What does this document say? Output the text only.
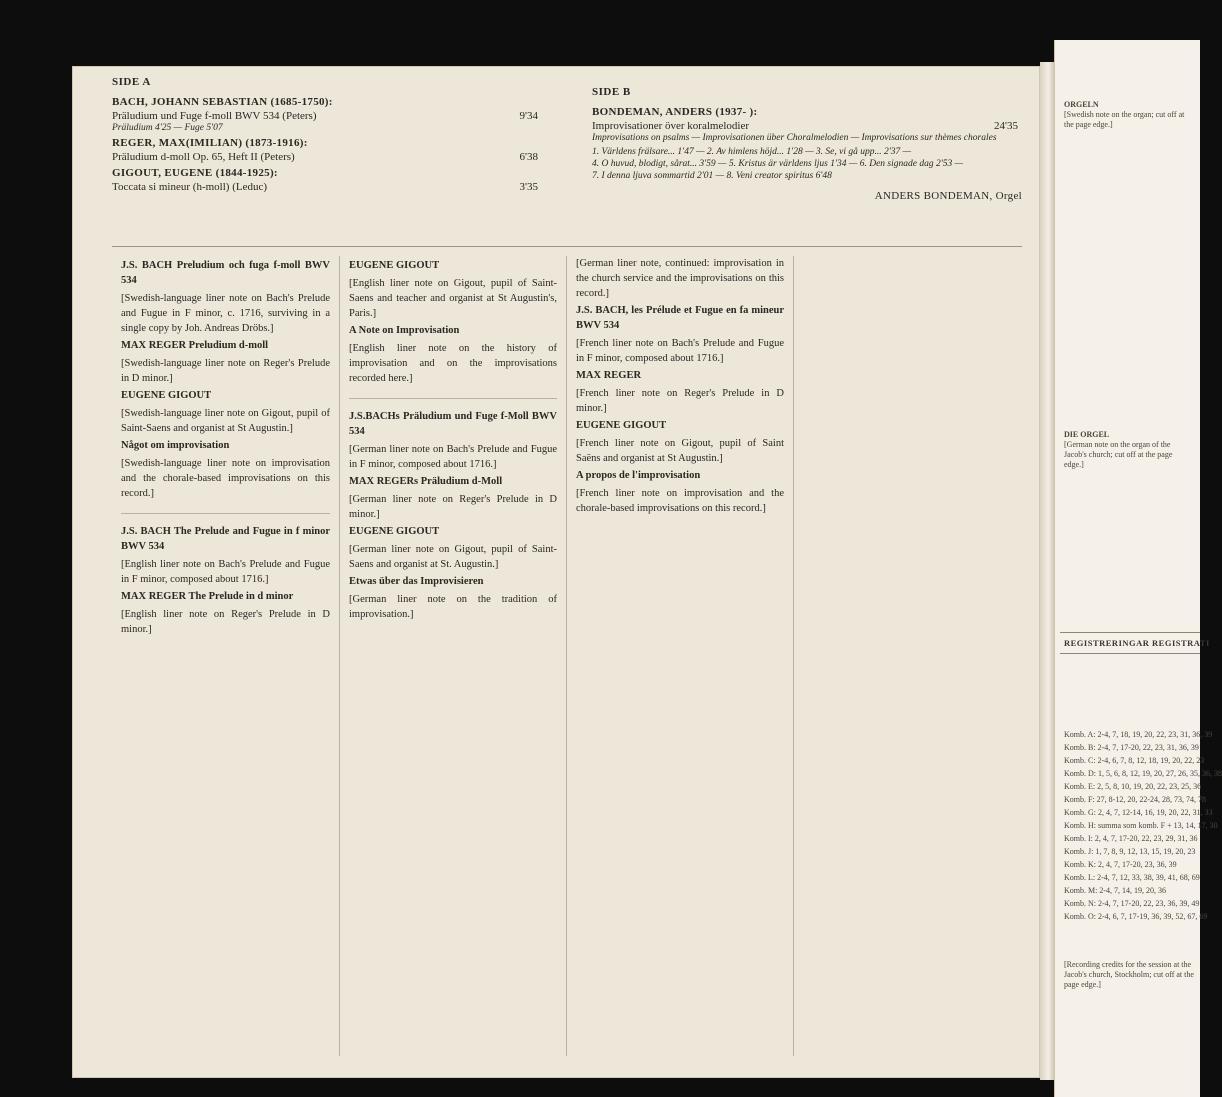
SIDE A
BACH, JOHANN SEBASTIAN (1685-1750):
Präludium und Fuge f-moll BWV 534 (Peters)	9'34
Präludium 4'25 — Fuge 5'07
REGER, MAX(IMILIAN) (1873-1916):
Präludium d-moll Op. 65, Heft II (Peters)	6'38
GIGOUT, EUGENE (1844-1925):
Toccata si mineur (h-moll) (Leduc)	3'35
SIDE B
BONDEMAN, ANDERS (1937- ):
Improvisationer över koralmelodier	24'35
Improvisations on psalms — Improvisationen über Choralmelodien — Improvisations sur thèmes chorales
1. Världens frälsare... 1'47 — 2. Av himlens höjd... 1'28 — 3. Se, vi gå upp... 2'37 —
4. O huvud, blodigt, sårat... 3'59 — 5. Kristus är världens ljus 1'34 — 6. Den signade dag 2'53 —
7. I denna ljuva sommartid 2'01 — 8. Veni creator spiritus 6'48
ANDERS BONDEMAN, Orgel
J.S. BACH Preludium och fuga f-moll BWV 534
[Swedish-language liner note on Bach's Prelude and Fugue in F minor, c. 1716, surviving in a single copy by Joh. Andreas Dröbs.]
MAX REGER Preludium d-moll
[Swedish-language liner note on Reger's Prelude in D minor.]
EUGENE GIGOUT
[Swedish-language liner note on Gigout, pupil of Saint-Saens and organist at St Augustin.]
Något om improvisation
[Swedish-language liner note on improvisation and the chorale-based improvisations on this record.]
J.S. BACH The Prelude and Fugue in f minor BWV 534
[English liner note on Bach's Prelude and Fugue in F minor, composed about 1716.]
MAX REGER The Prelude in d minor
[English liner note on Reger's Prelude in D minor.]
EUGENE GIGOUT
[English liner note on Gigout, pupil of Saint-Saens and teacher and organist at St Augustin's, Paris.]
A Note on Improvisation
[English liner note on the history of improvisation and on the improvisations recorded here.]
J.S.BACHs Präludium und Fuge f-Moll BWV 534
[German liner note on Bach's Prelude and Fugue in F minor, composed about 1716.]
MAX REGERs Präludium d-Moll
[German liner note on Reger's Prelude in D minor.]
EUGENE GIGOUT
[German liner note on Gigout, pupil of Saint-Saens and organist at St. Augustin.]
Etwas über das Improvisieren
[German liner note on the tradition of improvisation.]
[German liner note, continued: improvisation in the church service and the improvisations on this record.]
J.S. BACH, les Prélude et Fugue en fa mineur BWV 534
[French liner note on Bach's Prelude and Fugue in F minor, composed about 1716.]
MAX REGER
[French liner note on Reger's Prelude in D minor.]
EUGENE GIGOUT
[French liner note on Gigout, pupil of Saint Saëns and organist at St Augustin.]
A propos de l'improvisation
[French liner note on improvisation and the chorale-based improvisations on this record.]
ORGELN
[Swedish note on the organ; cut off at the page edge.]
DIE ORGEL
[German note on the organ of the Jacob's church; cut off at the page edge.]
REGISTRERINGAR REGISTRATI
Komb. A: 2-4, 7, 18, 19, 20, 22, 23, 31, 36, 39
Komb. B: 2-4, 7, 17-20, 22, 23, 31, 36, 39
Komb. C: 2-4, 6, 7, 8, 12, 18, 19, 20, 22, 23
Komb. D: 1, 5, 6, 8, 12, 19, 20, 27, 26, 35, 36, 38
Komb. E: 2, 5, 8, 10, 19, 20, 22, 23, 25, 36
Komb. F: 27, 8-12, 20, 22-24, 28, 73, 74, 78
Komb. G: 2, 4, 7, 12-14, 16, 19, 20, 22, 31, 33
Komb. H: summa som komb. F + 13, 14, 17, 30
Komb. I: 2, 4, 7, 17-20, 22, 23, 29, 31, 36
Komb. J: 1, 7, 8, 9, 12, 13, 15, 19, 20, 23
Komb. K: 2, 4, 7, 17-20, 23, 36, 39
Komb. L: 2-4, 7, 12, 33, 38, 39, 41, 68, 69
Komb. M: 2-4, 7, 14, 19, 20, 36
Komb. N: 2-4, 7, 17-20, 22, 23, 36, 39, 49
Komb. O: 2-4, 6, 7, 17-19, 36, 39, 52, 67, 69
[Recording credits for the session at the Jacob's church, Stockholm; cut off at the page edge.]
